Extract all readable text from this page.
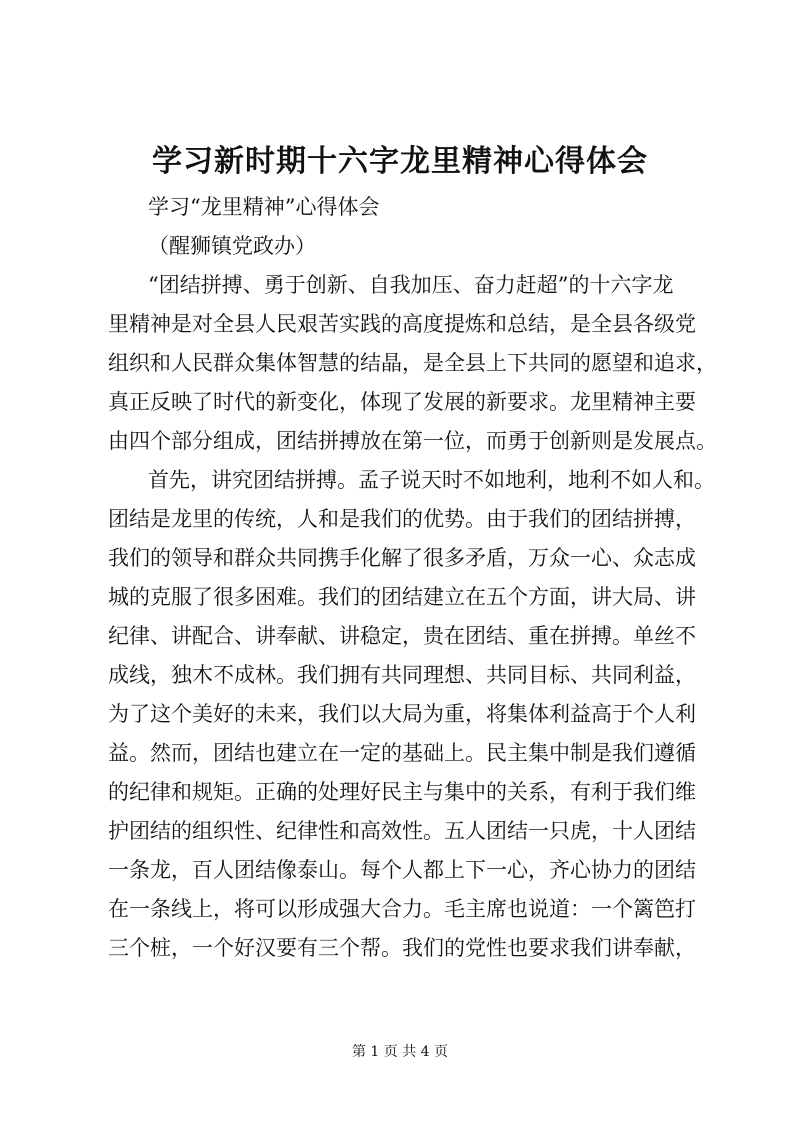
学习新时期十六字龙里精神心得体会
学习“龙里精神”心得体会
（醒狮镇党政办）
“团结拼搏、勇于创新、自我加压、奋力赶超”的十六字龙
里精神是对全县人民艰苦实践的高度提炼和总结，是全县各级党
组织和人民群众集体智慧的结晶，是全县上下共同的愿望和追求，
真正反映了时代的新变化，体现了发展的新要求。龙里精神主要
由四个部分组成，团结拼搏放在第一位，而勇于创新则是发展点。
首先，讲究团结拼搏。孟子说天时不如地利，地利不如人和。
团结是龙里的传统，人和是我们的优势。由于我们的团结拼搏，
我们的领导和群众共同携手化解了很多矛盾，万众一心、众志成
城的克服了很多困难。我们的团结建立在五个方面，讲大局、讲
纪律、讲配合、讲奉献、讲稳定，贵在团结、重在拼搏。单丝不
成线，独木不成林。我们拥有共同理想、共同目标、共同利益，
为了这个美好的未来，我们以大局为重，将集体利益高于个人利
益。然而，团结也建立在一定的基础上。民主集中制是我们遵循
的纪律和规矩。正确的处理好民主与集中的关系，有利于我们维
护团结的组织性、纪律性和高效性。五人团结一只虎，十人团结
一条龙，百人团结像泰山。每个人都上下一心，齐心协力的团结
在一条线上，将可以形成强大合力。毛主席也说道：一个篱笆打
三个桩，一个好汉要有三个帮。我们的党性也要求我们讲奉献，
第 1 页 共 4 页
